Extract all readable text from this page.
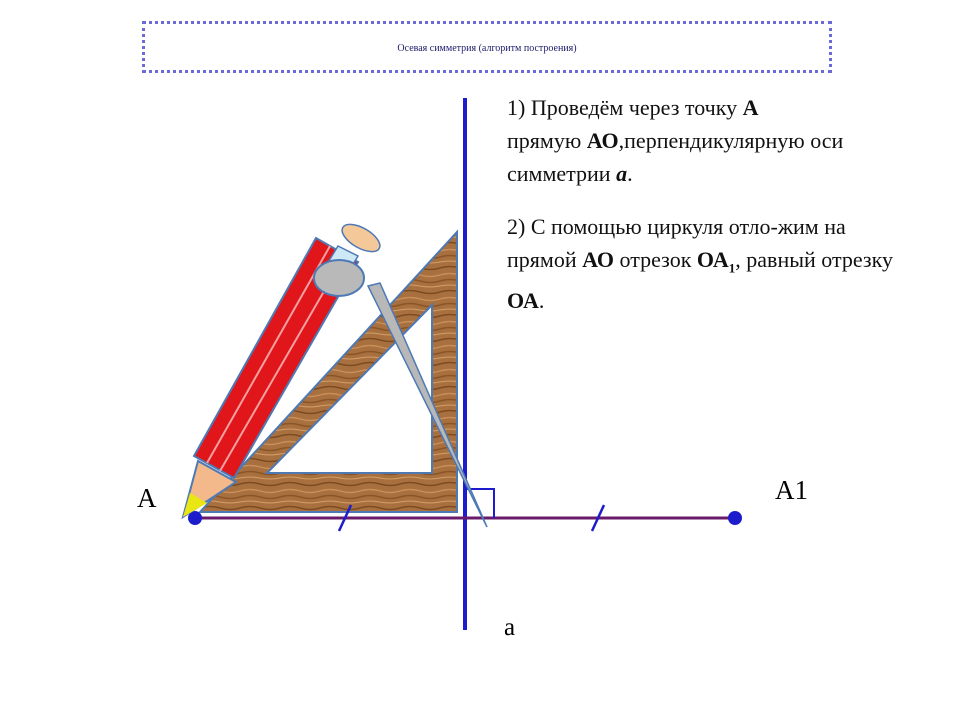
Осевая симметрия (алгоритм построения)
1) Проведём через точку А
прямую АО,перпендикулярную оси симметрии а.
2) С помощью циркуля отло-жим на прямой АО отрезок $ОА_1$, равный отрезку ОА.
А	А1
а
